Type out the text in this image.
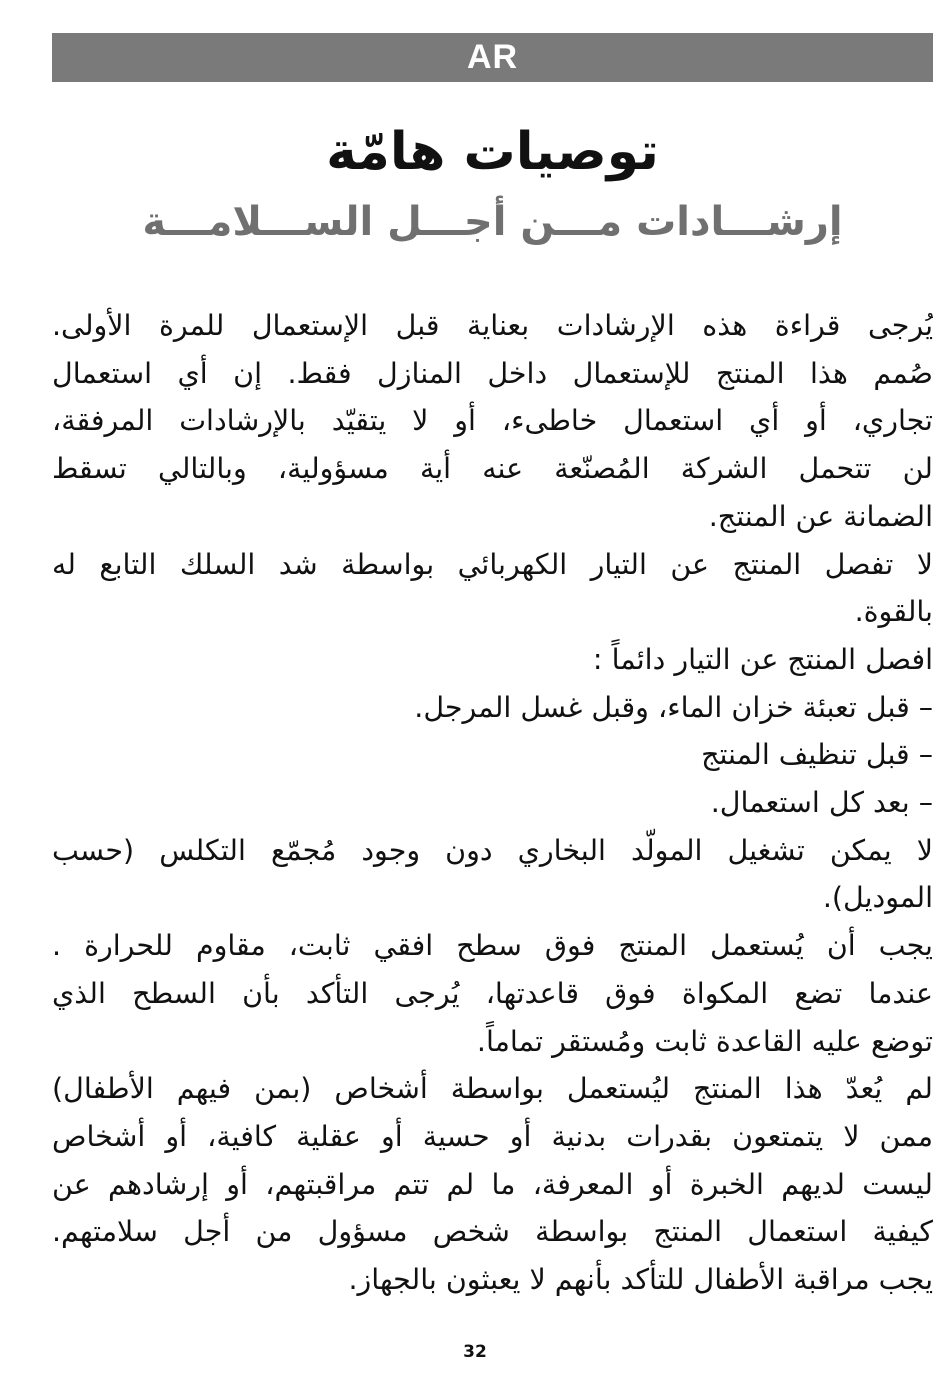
AR
توصيات هامّة
إرشـــادات مـــن أجـــل الســـلامـــة
يُرجى قراءة هذه الإرشادات بعناية قبل الإستعمال للمرة الأولى.
صُمم هذا المنتج للإستعمال داخل المنازل فقط. إن أي استعمال
تجاري، أو أي استعمال خاطىء، أو لا يتقيّد بالإرشادات المرفقة،
لن تتحمل الشركة المُصنّعة عنه أية مسؤولية، وبالتالي تسقط
الضمانة عن المنتج.
لا تفصل المنتج عن التيار الكهربائي بواسطة شد السلك التابع له
بالقوة.
افصل المنتج عن التيار دائماً :
– قبل تعبئة خزان الماء، وقبل غسل المرجل.
– قبل تنظيف المنتج
– بعد كل استعمال.
لا يمكن تشغيل المولّد البخاري دون وجود مُجمّع التكلس (حسب
الموديل).
يجب أن يُستعمل المنتج فوق سطح افقي ثابت، مقاوم للحرارة .
عندما تضع المكواة فوق قاعدتها، يُرجى التأكد بأن السطح الذي
توضع عليه القاعدة ثابت ومُستقر تماماً.
لم يُعدّ هذا المنتج ليُستعمل بواسطة أشخاص (بمن فيهم الأطفال)
ممن لا يتمتعون بقدرات بدنية أو حسية أو عقلية كافية، أو أشخاص
ليست لديهم الخبرة أو المعرفة، ما لم تتم مراقبتهم، أو إرشادهم عن
كيفية استعمال المنتج بواسطة شخص مسؤول من أجل سلامتهم.
يجب مراقبة الأطفال للتأكد بأنهم لا يعبثون بالجهاز.
32
